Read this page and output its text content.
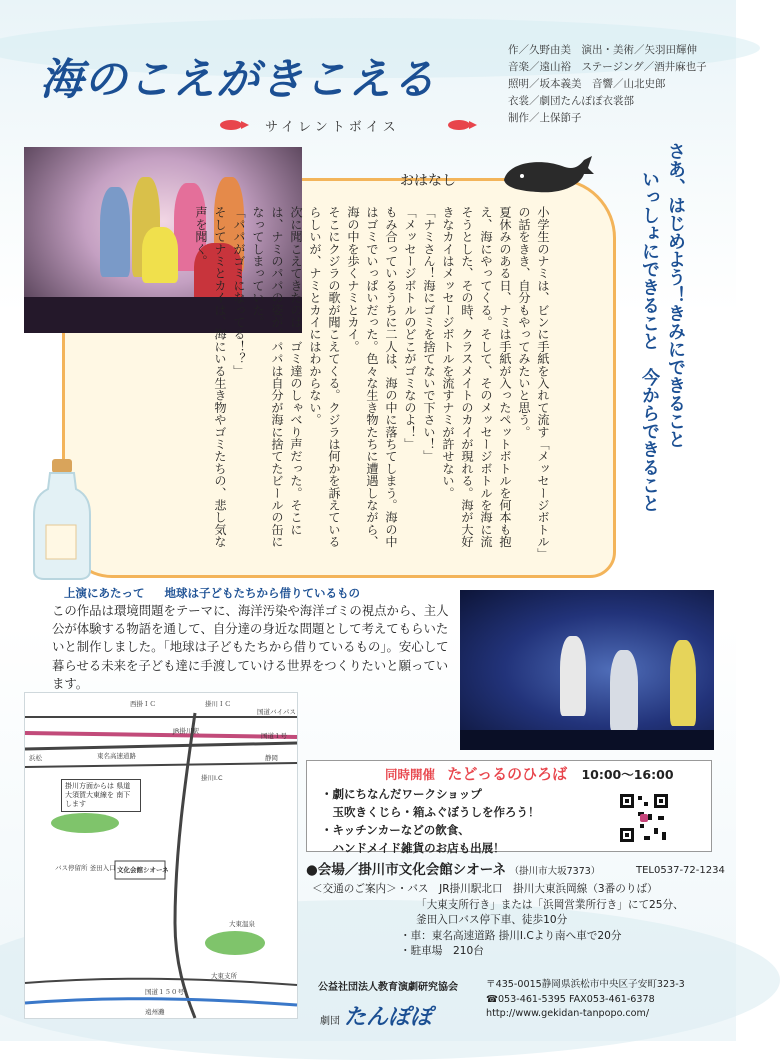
海のこえがきこえる
サイレントボイス
作／久野由美　演出・美術／矢羽田輝伸
音楽／遠山裕　ステージング／酒井麻也子
照明／坂本義美　音響／山北史郎
衣裳／劇団たんぽぽ衣裳部
制作／上保節子
おはなし

小学生のナミは、ビンに手紙を入れて流す「メッセージボトル」の話をきき、自分もやってみたいと思う。

夏休みのある日、ナミは手紙が入ったペットボトルを何本も抱え、海にやってくる。そして、そのメッセージボトルを海に流そうとした、その時、クラスメイトのカイが現れる。海が大好きなカイはメッセージボトルを流すナミが許せない。

「ナミさん！海にゴミを捨てないで下さい！」

「メッセージボトルのどこがゴミなのよ！」

もみ合っているうちに二人は、海の中に落ちてしまう。海の中はゴミでいっぱいだった。色々な生き物たちに遭遇しながら、海の中を歩くナミとカイ。

そこにクジラの歌が聞こえてくる。クジラは何かを訴えているらしいが、ナミとカイにはわからない。

次に聞こえてきたのは、ゴミ達のしゃべり声だった。そこには、ナミのパパの姿が。パパは自分が海に捨てたビールの缶になってしまっていた。

「パパがゴミになってる！？」

そしてナミとカイは、海にいる生き物やゴミたちの、悲し気な声を聞く。	さあ、はじめよう！きみにできること

いっしょにできること　今からできること

上演にあたって 地球は子どもたちから借りているもの
この作品は環境問題をテーマに、海洋汚染や海洋ゴミの視点から、主人公が体験する物語を通して、自分達の身近な問題として考えてもらいたいと制作しました。「地球は子どもたちから借りているもの」。安心して暮らせる未来を子ども達に手渡していける世界をつくりたいと願っています。
西掛ＩＣ	掛川ＩＣ
国道バイパス
JR掛川駅
東名高速道路
国道１号
国道１５０号
掛川I.C
文化会館シオーネ
大東支所
遠州灘
大東温泉
浜松	静岡
バス停留所 釜田入口
掛川方面からは 県道大須賀大東線を 南下します
同時開催 たどっるのひろば 10:00〜16:00
・劇にちなんだワークショップ
　玉吹きくじら・箱ふぐぼうしを作ろう！
・キッチンカーなどの飲食、
　ハンドメイド雑貨のお店も出展！
●会場／掛川市文化会館シオーネ （掛川市大坂7373）	TEL0537-72-1234
＜交通のご案内＞・バス　JR掛川駅北口　掛川大東浜岡線（3番のりば）
「大東支所行き」または「浜岡営業所行き」にて25分、
釜田入口バス停下車、徒歩10分
・車：東名高速道路 掛川I.Cより南へ車で20分
・駐車場　210台
公益社団法人教育演劇研究協会
劇団 たんぽぽ
〒435-0015静岡県浜松市中央区子安町323-3
☎053-461-5395 FAX053-461-6378
http://www.gekidan-tanpopo.com/
